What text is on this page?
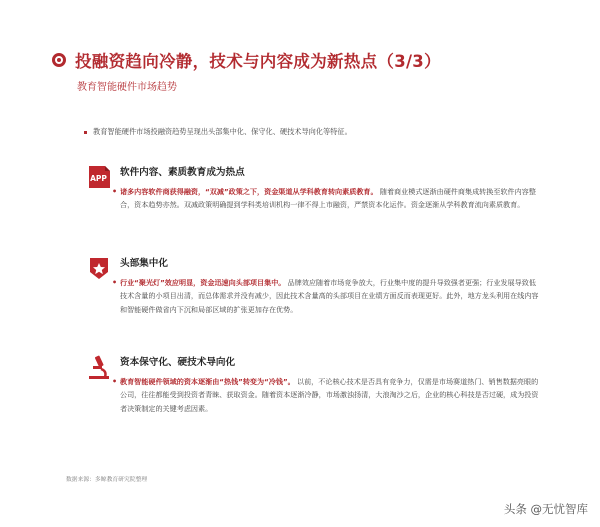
投融资趋向冷静，技术与内容成为新热点（3/3）
教育智能硬件市场趋势
教育智能硬件市场投融资趋势呈现出头部集中化、保守化、硬技术导向化等特征。
APP
软件内容、素质教育成为热点
• 诸多内容软件商获得融资，“双减”政策之下，资金渠道从学科教育转向素质教育。 随着商业模式逐渐由硬件商集成转换至软件内容整合，资本趋势亦然。双减政策明确提到学科类培训机构一律不得上市融资，严禁资本化运作。资金逐渐从学科教育流向素质教育。
头部集中化
• 行业“聚光灯”效应明显，资金迅速向头部项目集中。 品牌效应随着市场竞争放大，行业集中度的提升导致强者更强；行业发展导致低技术含量的小项目出清，而总体需求并没有减少，因此技术含量高的头部项目在业绩方面反而表现更好。此外，地方龙头利用在线内容和智能硬件做省内下沉和局部区域的扩张更加存在优势。
资本保守化、硬技术导向化
• 教育智能硬件领域的资本逐渐由“热钱”转变为“冷钱”。 以前，不论核心技术是否具有竞争力，仅需是市场赛道热门、销售数据亮眼的公司，往往都能受到投资者青睐、获取资金。随着资本逐渐冷静，市场激浊扬清，大浪淘沙之后，企业的核心科技是否过硬，成为投资者决策制定的关键考虑因素。
数据来源：多鲸教育研究院整理
头条 @无忧智库
